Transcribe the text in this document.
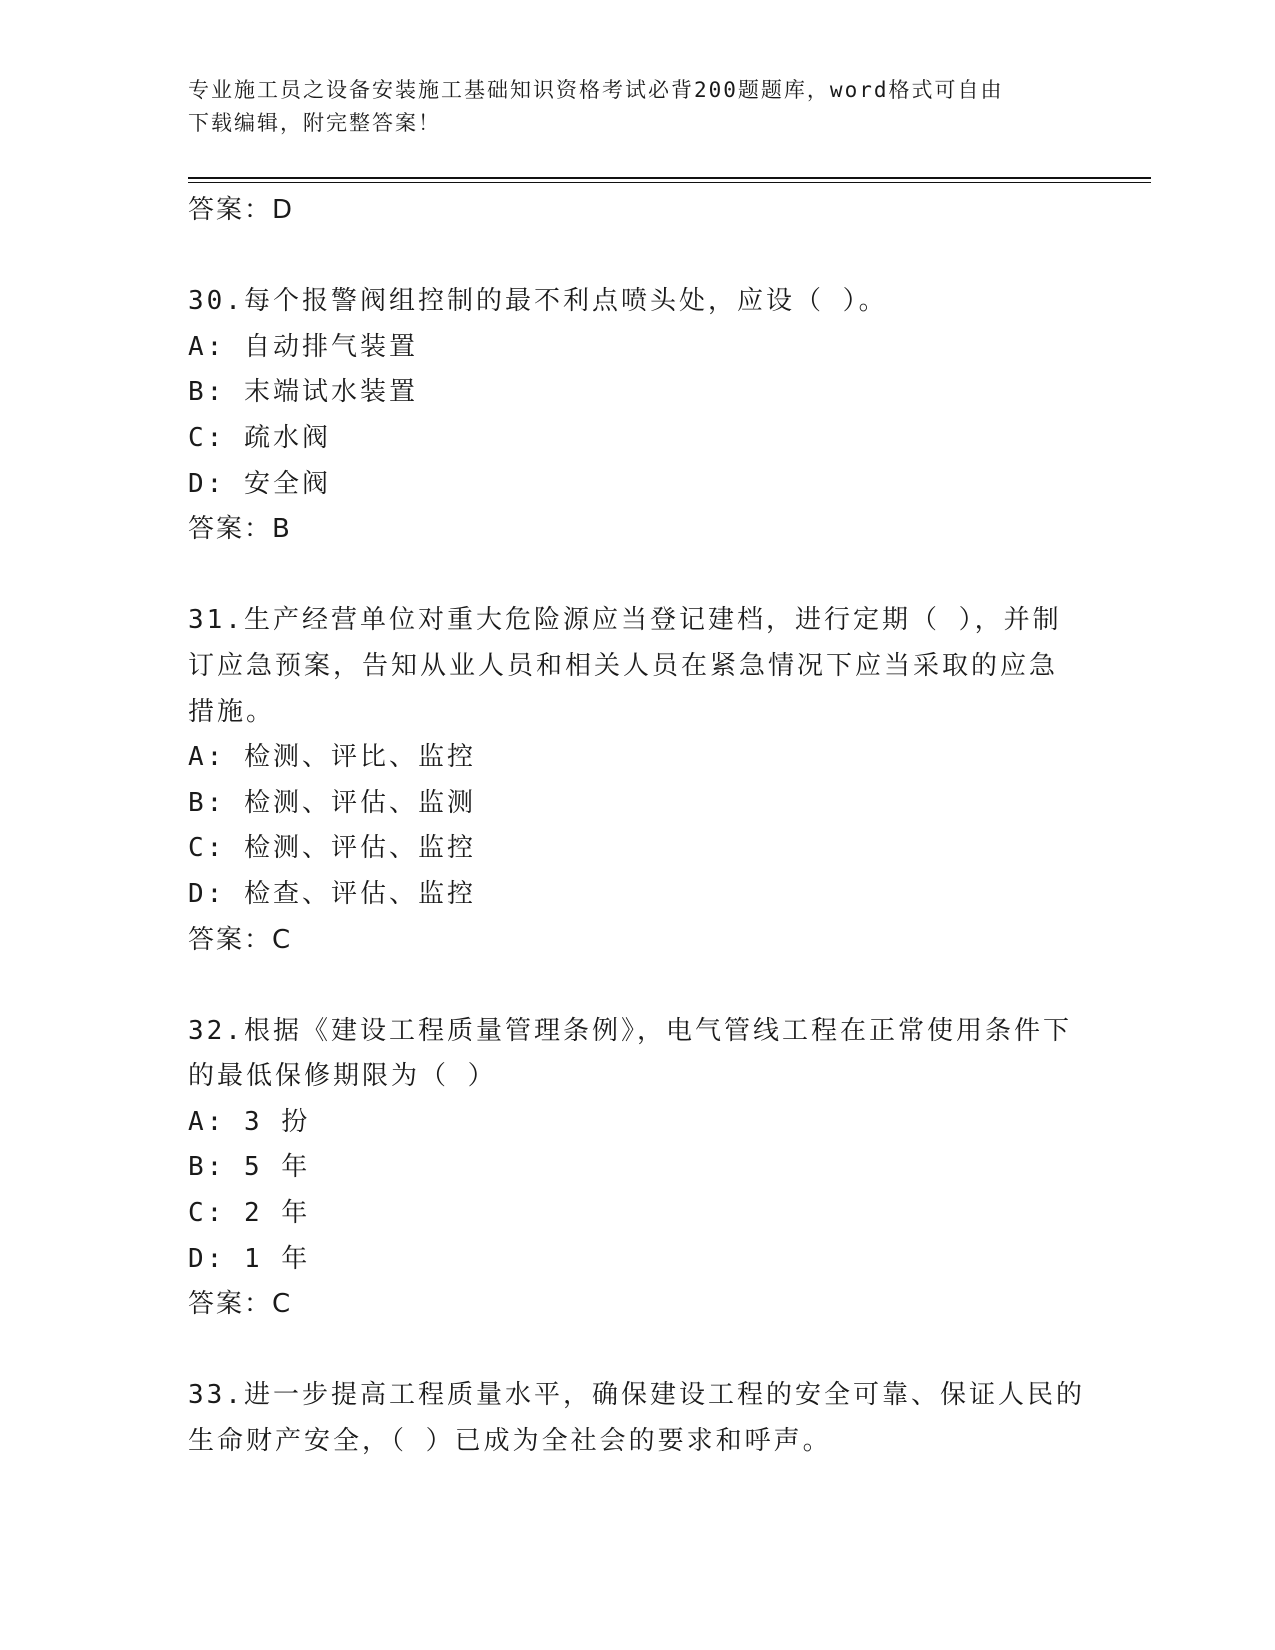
专业施工员之设备安装施工基础知识资格考试必背200题题库，word格式可自由
下载编辑，附完整答案！
答案：D
30.每个报警阀组控制的最不利点喷头处，应设（ ）。
A: 自动排气装置
B: 末端试水装置
C: 疏水阀
D: 安全阀
答案：B
31.生产经营单位对重大危险源应当登记建档，进行定期（ ），并制
订应急预案，告知从业人员和相关人员在紧急情况下应当采取的应急
措施。
A: 检测、评比、监控
B: 检测、评估、监测
C: 检测、评估、监控
D: 检查、评估、监控
答案：C
32.根据《建设工程质量管理条例》，电气管线工程在正常使用条件下
的最低保修期限为（ ）
A: 3 扮
B: 5 年
C: 2 年
D: 1 年
答案：C
33.进一步提高工程质量水平，确保建设工程的安全可靠、保证人民的
生命财产安全，（ ）已成为全社会的要求和呼声。
